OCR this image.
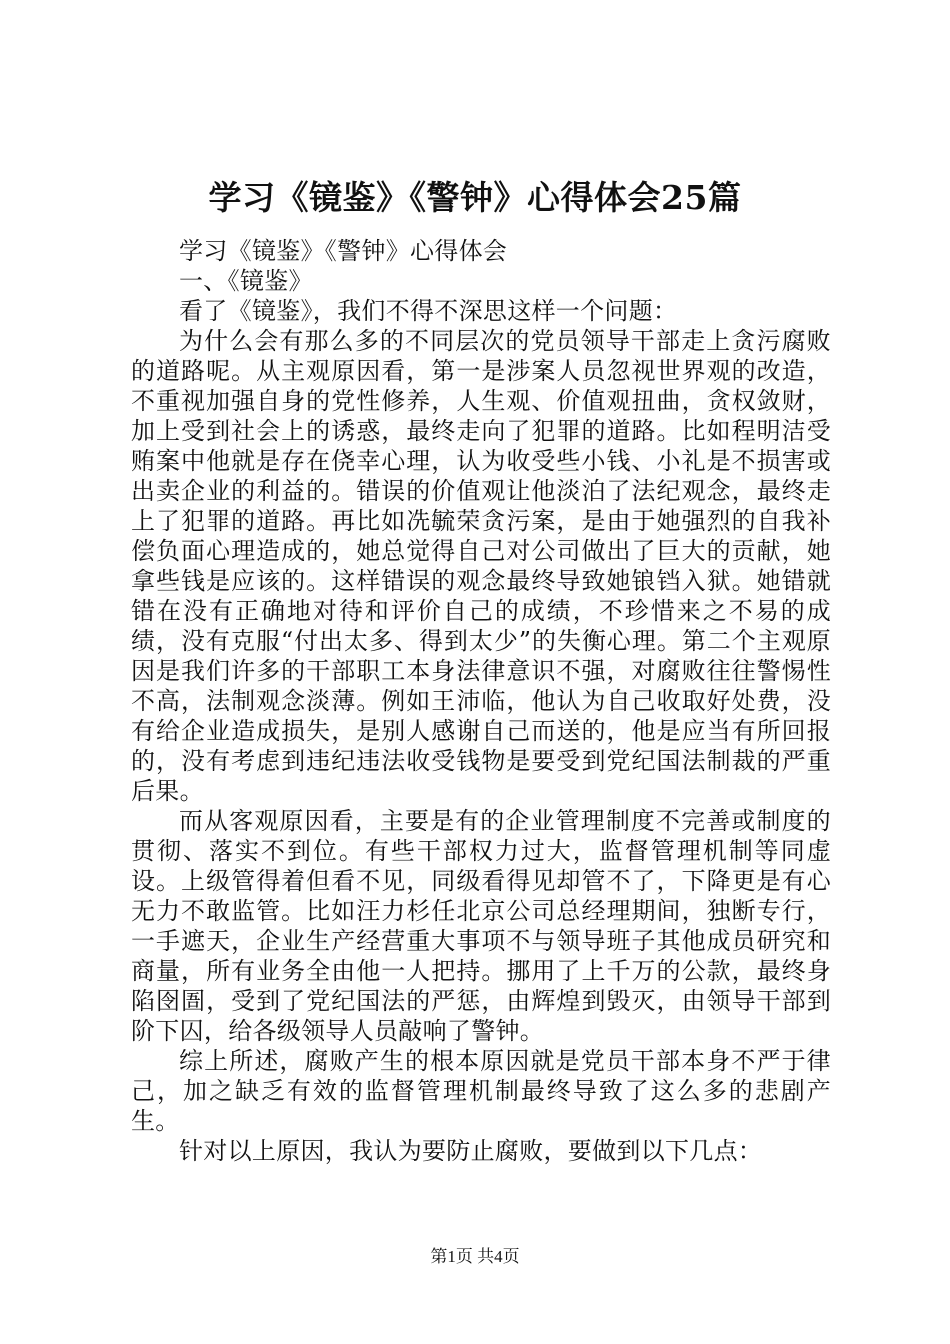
学习《镜鉴》《警钟》心得体会25篇

学习《镜鉴》《警钟》心得体会

一、《镜鉴》

看了《镜鉴》，我们不得不深思这样一个问题：

为什么会有那么多的不同层次的党员领导干部走上贪污腐败的道路呢。从主观原因看，第一是涉案人员忽视世界观的改造，不重视加强自身的党性修养，人生观、价值观扭曲，贪权敛财，加上受到社会上的诱惑，最终走向了犯罪的道路。比如程明洁受贿案中他就是存在侥幸心理，认为收受些小钱、小礼是不损害或出卖企业的利益的。错误的价值观让他淡泊了法纪观念，最终走上了犯罪的道路。再比如冼毓荣贪污案，是由于她强烈的自我补偿负面心理造成的，她总觉得自己对公司做出了巨大的贡献，她拿些钱是应该的。这样错误的观念最终导致她锒铛入狱。她错就错在没有正确地对待和评价自己的成绩，不珍惜来之不易的成绩，没有克服“付出太多、得到太少”的失衡心理。第二个主观原因是我们许多的干部职工本身法律意识不强，对腐败往往警惕性不高，法制观念淡薄。例如王沛临，他认为自己收取好处费，没有给企业造成损失，是别人感谢自己而送的，他是应当有所回报的，没有考虑到违纪违法收受钱物是要受到党纪国法制裁的严重后果。

而从客观原因看，主要是有的企业管理制度不完善或制度的贯彻、落实不到位。有些干部权力过大，监督管理机制等同虚设。上级管得着但看不见，同级看得见却管不了，下降更是有心无力不敢监管。比如汪力杉任北京公司总经理期间，独断专行，一手遮天，企业生产经营重大事项不与领导班子其他成员研究和商量，所有业务全由他一人把持。挪用了上千万的公款，最终身陷囹圄，受到了党纪国法的严惩，由辉煌到毁灭，由领导干部到阶下囚，给各级领导人员敲响了警钟。

综上所述，腐败产生的根本原因就是党员干部本身不严于律己，加之缺乏有效的监督管理机制最终导致了这么多的悲剧产生。

针对以上原因，我认为要防止腐败，要做到以下几点：

第1页 共4页
